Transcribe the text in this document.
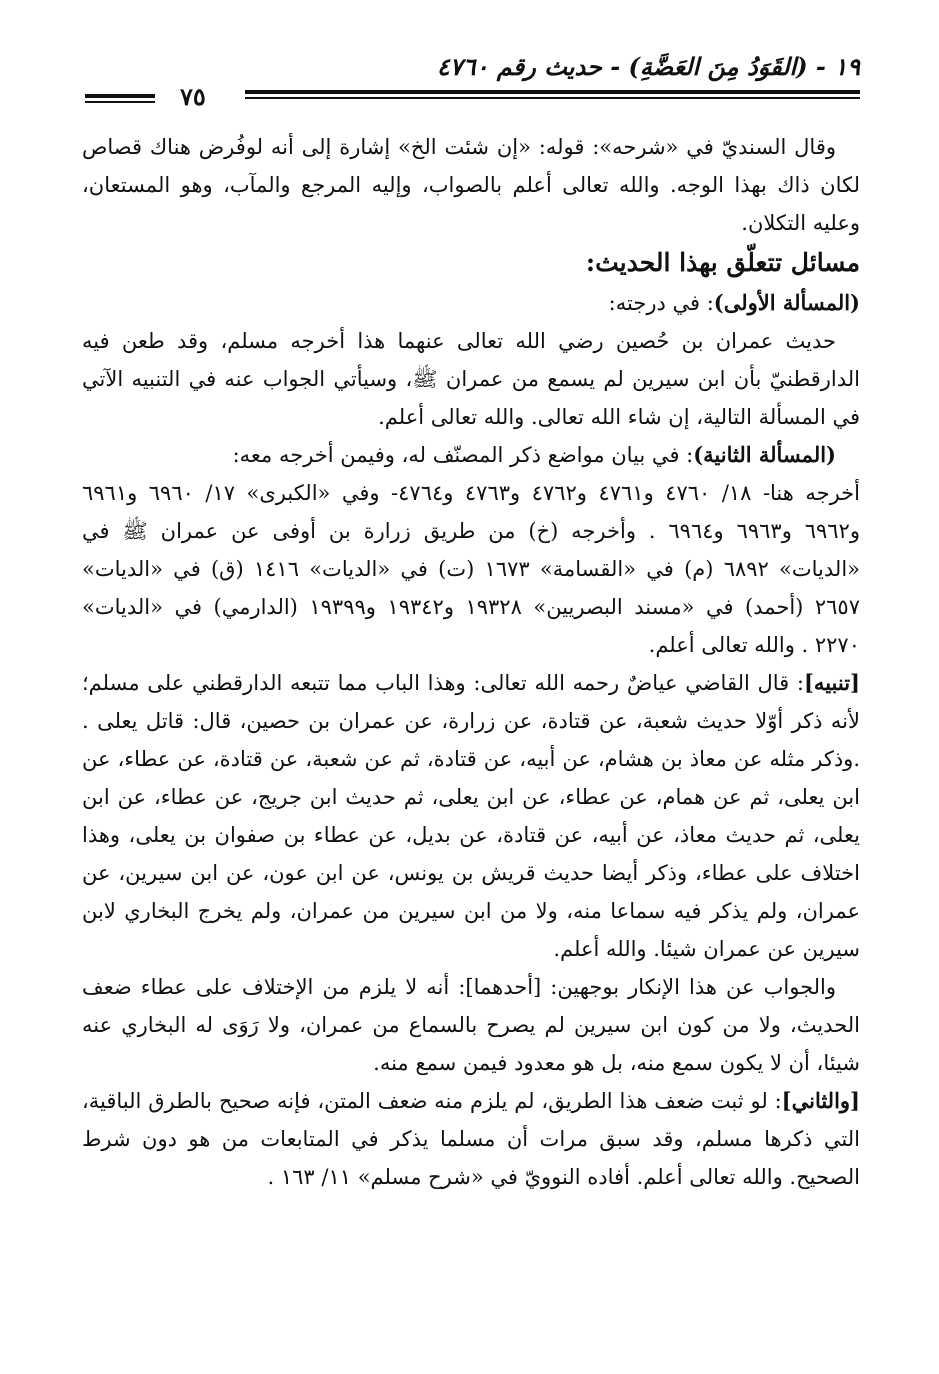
١٩ - (القَوَدُ مِنَ العَضَّةِ) - حديث رقم ٤٧٦٠
٧٥

وقال السنديّ في «شرحه»: قوله: «إن شئت الخ» إشارة إلى أنه لوفُرض هناك قصاص لكان ذاك بهذا الوجه. والله تعالى أعلم بالصواب، وإليه المرجع والمآب، وهو المستعان، وعليه التكلان.

مسائل تتعلّق بهذا الحديث:

(المسألة الأولى): في درجته:

حديث عمران بن حُصين رضي الله تعالى عنهما هذا أخرجه مسلم، وقد طعن فيه الدارقطنيّ بأن ابن سيرين لم يسمع من عمران ﷺ، وسيأتي الجواب عنه في التنبيه الآتي في المسألة التالية، إن شاء الله تعالى. والله تعالى أعلم.

(المسألة الثانية): في بيان مواضع ذكر المصنّف له، وفيمن أخرجه معه:

أخرجه هنا- ١٨/ ٤٧٦٠ و٤٧٦١ و٤٧٦٢ و٤٧٦٣ و٤٧٦٤- وفي «الكبرى» ١٧/ ٦٩٦٠ و٦٩٦١ و٦٩٦٢ و٦٩٦٣ و٦٩٦٤ . وأخرجه (خ) من طريق زرارة بن أوفى عن عمران ﷺ في «الديات» ٦٨٩٢ (م) في «القسامة» ١٦٧٣ (ت) في «الديات» ١٤١٦ (ق) في «الديات» ٢٦٥٧ (أحمد) في «مسند البصريين» ١٩٣٢٨ و١٩٣٤٢ و١٩٣٩٩ (الدارمي) في «الديات» ٢٢٧٠ . والله تعالى أعلم.

[تنبيه]: قال القاضي عياضٌ رحمه الله تعالى: وهذا الباب مما تتبعه الدارقطني على مسلم؛ لأنه ذكر أوّلا حديث شعبة، عن قتادة، عن زرارة، عن عمران بن حصين، قال: قاتل يعلى . .وذكر مثله عن معاذ بن هشام، عن أبيه، عن قتادة، ثم عن شعبة، عن قتادة، عن عطاء، عن ابن يعلى، ثم عن همام، عن عطاء، عن ابن يعلى، ثم حديث ابن جريج، عن عطاء، عن ابن يعلى، ثم حديث معاذ، عن أبيه، عن قتادة، عن بديل، عن عطاء بن صفوان بن يعلى، وهذا اختلاف على عطاء، وذكر أيضا حديث قريش بن يونس، عن ابن عون، عن ابن سيرين، عن عمران، ولم يذكر فيه سماعا منه، ولا من ابن سيرين من عمران، ولم يخرج البخاري لابن سيرين عن عمران شيئا. والله أعلم.

والجواب عن هذا الإنكار بوجهين: [أحدهما]: أنه لا يلزم من الإختلاف على عطاء ضعف الحديث، ولا من كون ابن سيرين لم يصرح بالسماع من عمران، ولا رَوَى له البخاري عنه شيئا، أن لا يكون سمع منه، بل هو معدود فيمن سمع منه.

[والثاني]: لو ثبت ضعف هذا الطريق، لم يلزم منه ضعف المتن، فإنه صحيح بالطرق الباقية، التي ذكرها مسلم، وقد سبق مرات أن مسلما يذكر في المتابعات من هو دون شرط الصحيح. والله تعالى أعلم. أفاده النوويّ في «شرح مسلم» ١١/ ١٦٣ .
